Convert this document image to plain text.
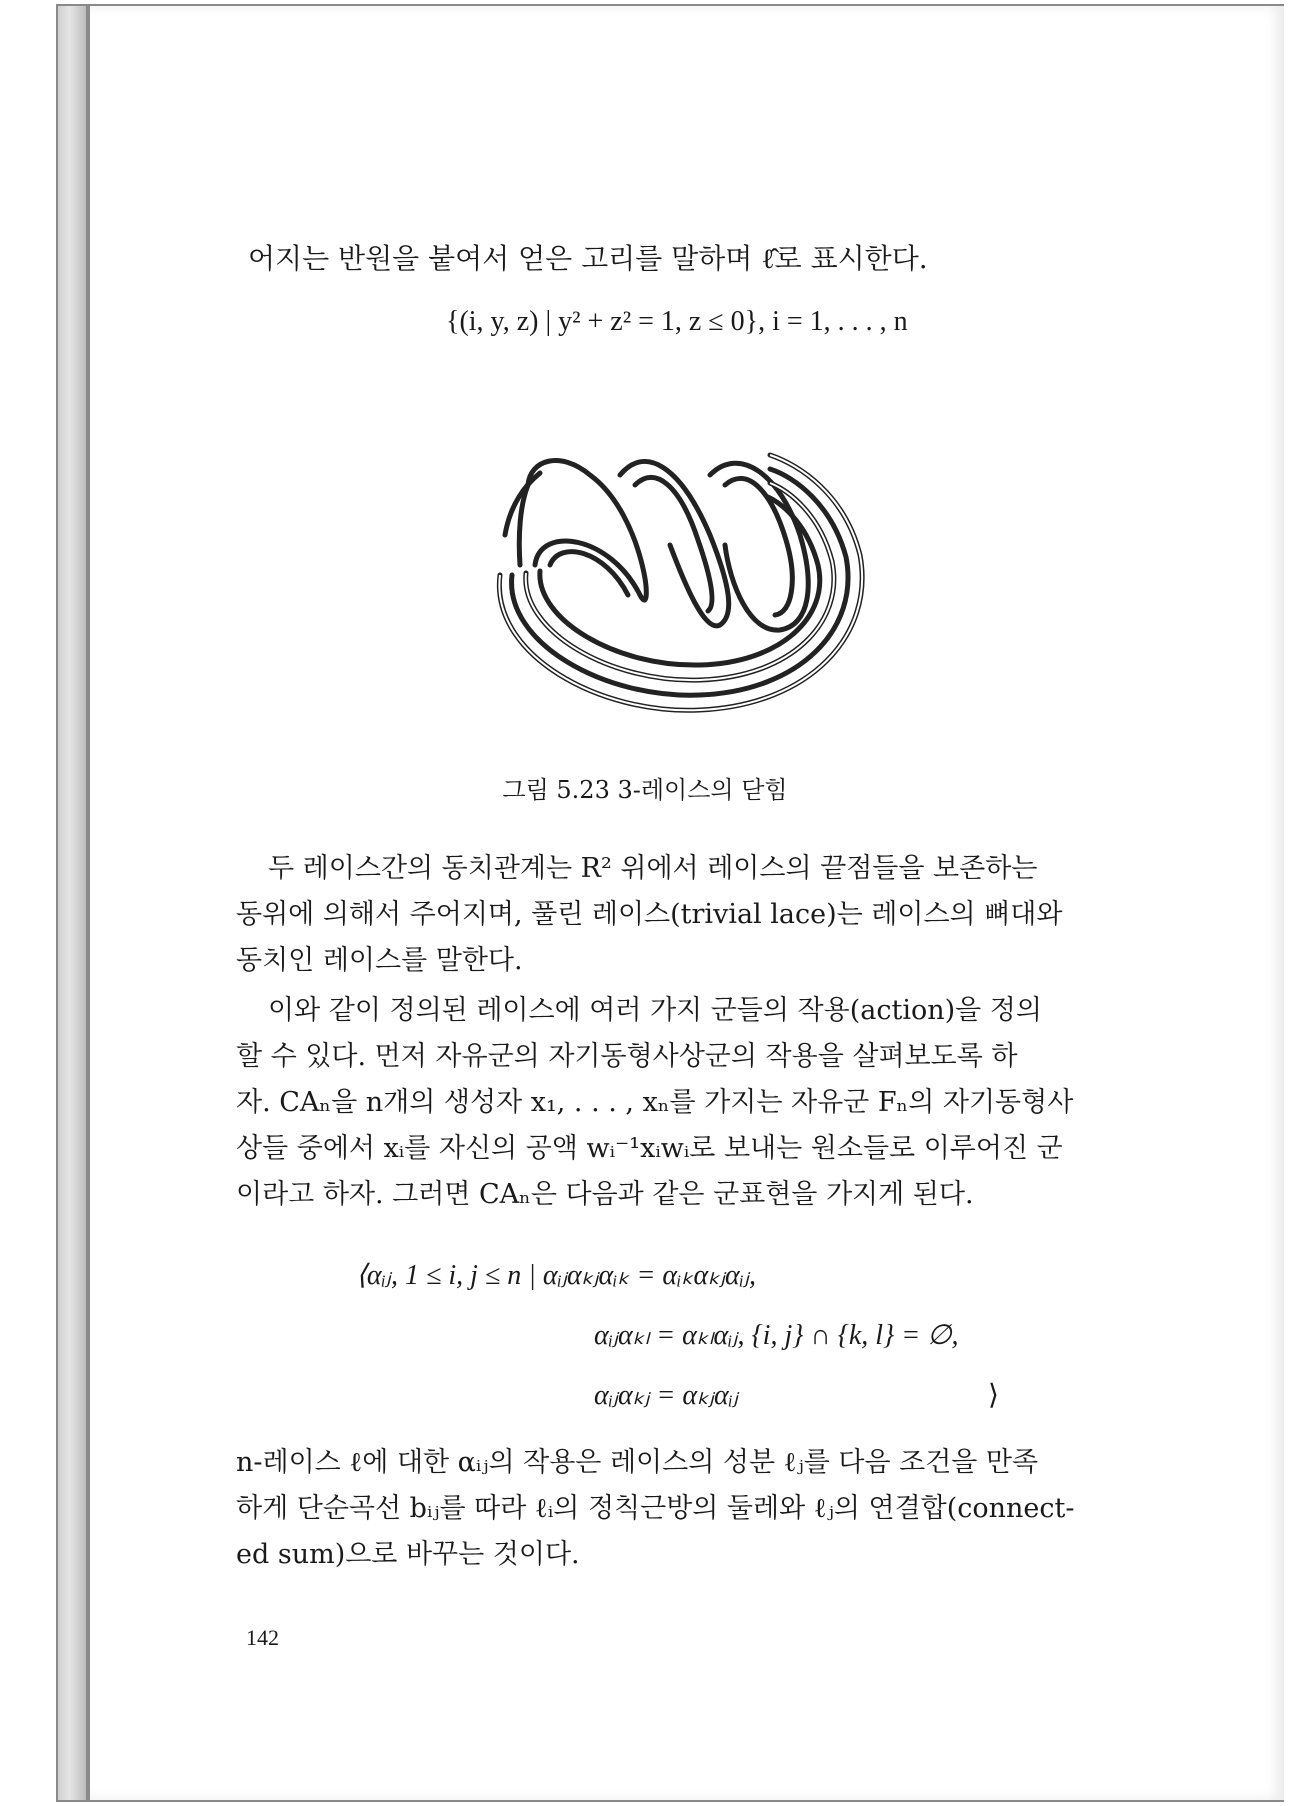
어지는 반원을 붙여서 얻은 고리를 말하며 ℓ̂로 표시한다.
{(i, y, z) | y² + z² = 1, z ≤ 0}, i = 1, . . . , n
그림 5.23 3-레이스의 닫힘
두 레이스간의 동치관계는 R² 위에서 레이스의 끝점들을 보존하는
동위에 의해서 주어지며, 풀린 레이스(trivial lace)는 레이스의 뼈대와
동치인 레이스를 말한다.
이와 같이 정의된 레이스에 여러 가지 군들의 작용(action)을 정의
할 수 있다. 먼저 자유군의 자기동형사상군의 작용을 살펴보도록 하
자. CAₙ을 n개의 생성자 x₁, . . . , xₙ를 가지는 자유군 Fₙ의 자기동형사
상들 중에서 xᵢ를 자신의 공액 wᵢ⁻¹xᵢwᵢ로 보내는 원소들로 이루어진 군
이라고 하자. 그러면 CAₙ은 다음과 같은 군표현을 가지게 된다.
⟨αᵢⱼ, 1 ≤ i, j ≤ n | αᵢⱼαₖⱼαᵢₖ = αᵢₖαₖⱼαᵢⱼ,
αᵢⱼαₖₗ = αₖₗαᵢⱼ, {i, j} ∩ {k, l} = ∅,
αᵢⱼαₖⱼ = αₖⱼαᵢⱼ	⟩
n-레이스 ℓ에 대한 αᵢⱼ의 작용은 레이스의 성분 ℓⱼ를 다음 조건을 만족
하게 단순곡선 bᵢⱼ를 따라 ℓᵢ의 정칙근방의 둘레와 ℓⱼ의 연결합(connect-
ed sum)으로 바꾸는 것이다.
142
